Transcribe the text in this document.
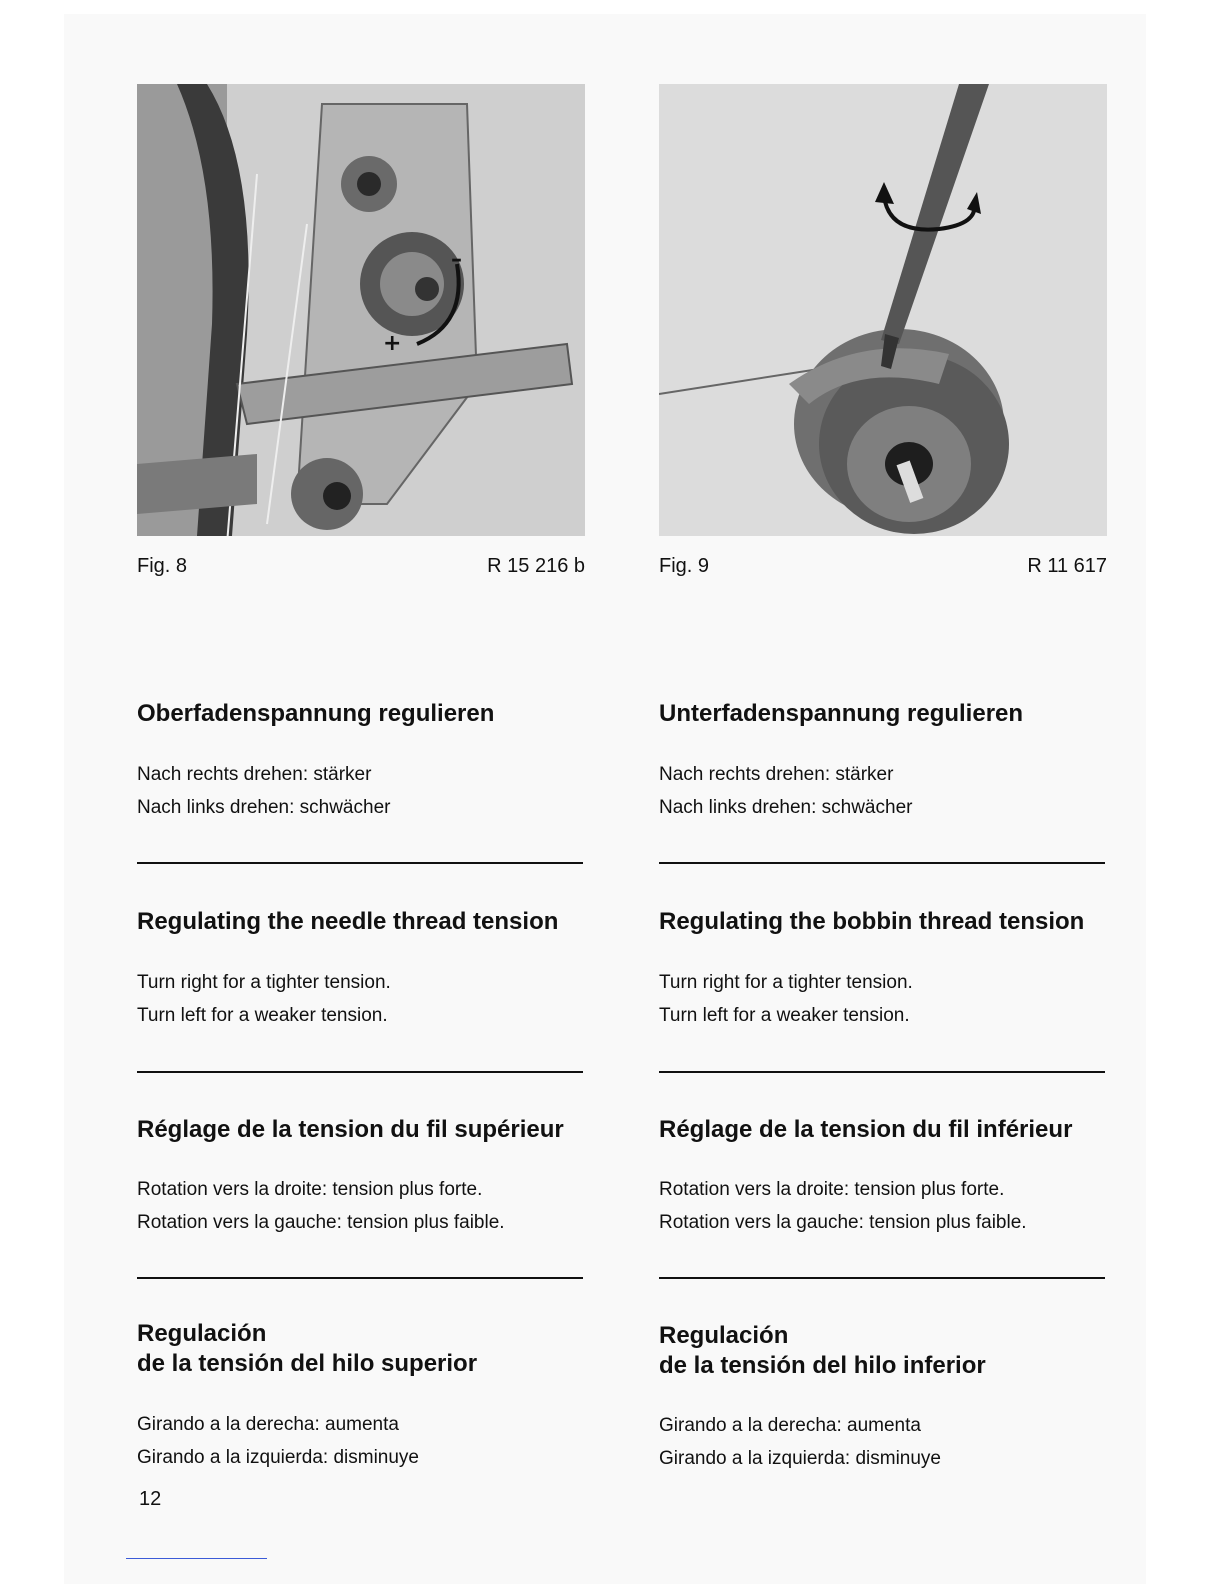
+
–
Fig. 8	R 15 216 b
Oberfadenspannung regulieren
Nach rechts drehen: stärker
Nach links drehen: schwächer
Regulating the needle thread tension
Turn right for a tighter tension.
Turn left for a weaker tension.
Réglage de la tension du fil supérieur
Rotation vers la droite: tension plus forte.
Rotation vers la gauche: tension plus faible.
Regulación
de la tensión del hilo superior
Girando a la derecha: aumenta
Girando a la izquierda: disminuye
Fig. 9	R 11 617
Unterfadenspannung regulieren
Nach rechts drehen: stärker
Nach links drehen: schwächer
Regulating the bobbin thread tension
Turn right for a tighter tension.
Turn left for a weaker tension.
Réglage de la tension du fil inférieur
Rotation vers la droite: tension plus forte.
Rotation vers la gauche: tension plus faible.
Regulación
de la tensión del hilo inferior
Girando a la derecha: aumenta
Girando a la izquierda: disminuye
12
